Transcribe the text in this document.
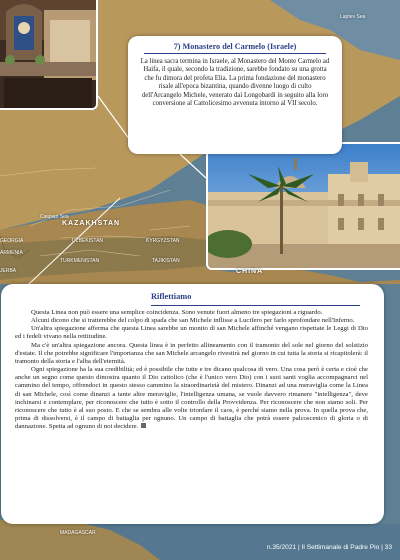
KAZAKHSTAN
UZBEKISTAN	KYRGYZSTAN
TURKMENISTAN	TAJIKISTAN
CHINA
MADAGASCAR
Caspian Sea
Laptev Sea
GEORGIA
ARMENIA
JERBA
7) Monastero del Carmelo (Israele)
La linea sacra termina in Israele, al Monastero del Monte Carmelo ad Haifa, il quale, secondo la tradizione, sarebbe fondato su una grotta che fu dimora del profeta Elia. La prima fondazione del monastero risale all'epoca bizantina, quando divenne luogo di culto dell'Arcangelo Michele, venerato dai Longobardi in seguito alla loro conversione al Cattolicesimo avvenuta intorno al VII secolo.
Riflettiamo

Questa Linea non può essere una semplice coincidenza. Sono venute fuori almeno tre spiegazioni a riguardo.

Alcuni dicono che si tratterebbe del colpo di spada che san Michele inflisse a Lucifero per farlo sprofondare nell'Inferno.

Un'altra spiegazione afferma che questa Linea sarebbe un monito di san Michele affinché vengano rispettate le Leggi di Dio ed i fedeli vivano nella rettitudine.

Ma c'è un'altra spiegazione ancora. Questa linea è in perfetto allineamento con il tramonto del sole nel giorno del solstizio d'estate. Il che potrebbe significare l'importanza che san Michele arcangelo rivestirà nel giorno in cui tutta la storia si ricapitolerà: il tramonto della storia e l'alba dell'eternità.

Ogni spiegazione ha la sua credibilità; ed è possibile che tutte e tre dicano qualcosa di vero. Una cosa però è certa e cioè che anche un segno come questo dimostra quanto il Dio cattolico (che è l'unico vero Dio) con i suoi santi voglia accompagnarci nel cammino del tempo, offrendoci in questo stesso cammino la straordinarietà del mistero. Dinanzi ad una meraviglia come la Linea di san Michele, così come dinanzi a tante altre meraviglie, l'intelligenza umana, se vuole davvero rimanere "intelligenza", deve inchinarsi e contemplare, per riconoscere che tutto è sotto il controllo della Provvidenza. Per riconoscere che non siamo soli. Per riconoscere che tutto è al suo posto. E che se sembra alle volte trionfare il caos, è perché siamo nella prova. In quella prova che, prima di dissolversi, è il campo di battaglia per ognuno. Un campo di battaglia che potrà essere palcoscenico di gloria o di dannazione. Spetta ad ognuno di noi decidere.

n.35/2021 | Il Settimanale di Padre Pio | 33
